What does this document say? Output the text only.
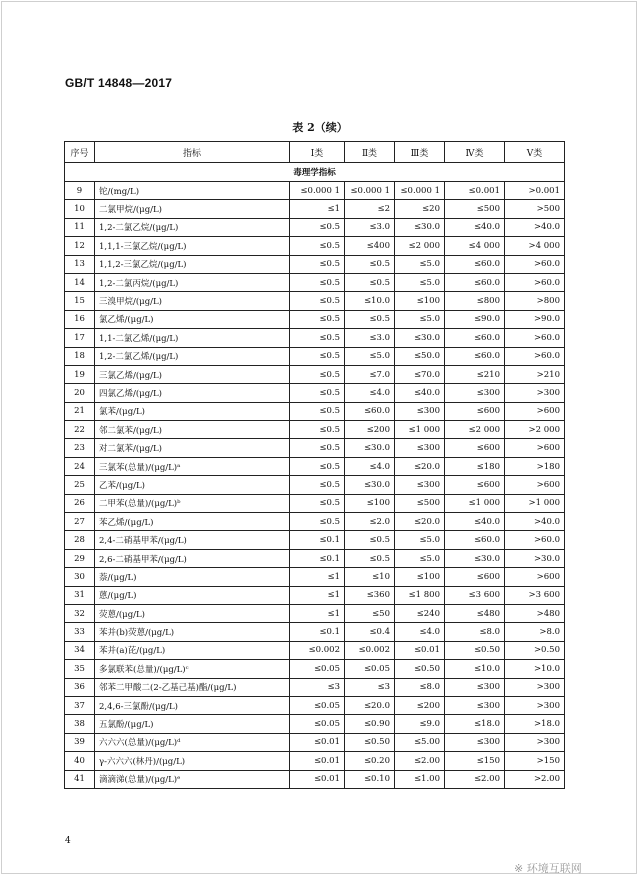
GB/T 14848—2017
表 2（续）
序号	指标	Ⅰ类	Ⅱ类	Ⅲ类	Ⅳ类	Ⅴ类
毒理学指标						
9	铊/(mg/L)	≤0.000 1	≤0.000 1	≤0.000 1	≤0.001	>0.001
10	二氯甲烷/(μg/L)	≤1	≤2	≤20	≤500	>500
11	1,2-二氯乙烷/(μg/L)	≤0.5	≤3.0	≤30.0	≤40.0	>40.0
12	1,1,1-三氯乙烷/(μg/L)	≤0.5	≤400	≤2 000	≤4 000	>4 000
13	1,1,2-三氯乙烷/(μg/L)	≤0.5	≤0.5	≤5.0	≤60.0	>60.0
14	1,2-二氯丙烷/(μg/L)	≤0.5	≤0.5	≤5.0	≤60.0	>60.0
15	三溴甲烷/(μg/L)	≤0.5	≤10.0	≤100	≤800	>800
16	氯乙烯/(μg/L)	≤0.5	≤0.5	≤5.0	≤90.0	>90.0
17	1,1-二氯乙烯/(μg/L)	≤0.5	≤3.0	≤30.0	≤60.0	>60.0
18	1,2-二氯乙烯/(μg/L)	≤0.5	≤5.0	≤50.0	≤60.0	>60.0
19	三氯乙烯/(μg/L)	≤0.5	≤7.0	≤70.0	≤210	>210
20	四氯乙烯/(μg/L)	≤0.5	≤4.0	≤40.0	≤300	>300
21	氯苯/(μg/L)	≤0.5	≤60.0	≤300	≤600	>600
22	邻二氯苯/(μg/L)	≤0.5	≤200	≤1 000	≤2 000	>2 000
23	对二氯苯/(μg/L)	≤0.5	≤30.0	≤300	≤600	>600
24	三氯苯(总量)/(μg/L)ᵃ	≤0.5	≤4.0	≤20.0	≤180	>180
25	乙苯/(μg/L)	≤0.5	≤30.0	≤300	≤600	>600
26	二甲苯(总量)/(μg/L)ᵇ	≤0.5	≤100	≤500	≤1 000	>1 000
27	苯乙烯/(μg/L)	≤0.5	≤2.0	≤20.0	≤40.0	>40.0
28	2,4-二硝基甲苯/(μg/L)	≤0.1	≤0.5	≤5.0	≤60.0	>60.0
29	2,6-二硝基甲苯/(μg/L)	≤0.1	≤0.5	≤5.0	≤30.0	>30.0
30	萘/(μg/L)	≤1	≤10	≤100	≤600	>600
31	蒽/(μg/L)	≤1	≤360	≤1 800	≤3 600	>3 600
32	荧蒽/(μg/L)	≤1	≤50	≤240	≤480	>480
33	苯并(b)荧蒽/(μg/L)	≤0.1	≤0.4	≤4.0	≤8.0	>8.0
34	苯并(a)芘/(μg/L)	≤0.002	≤0.002	≤0.01	≤0.50	>0.50
35	多氯联苯(总量)/(μg/L)ᶜ	≤0.05	≤0.05	≤0.50	≤10.0	>10.0
36	邻苯二甲酸二(2-乙基己基)酯/(μg/L)	≤3	≤3	≤8.0	≤300	>300
37	2,4,6-三氯酚/(μg/L)	≤0.05	≤20.0	≤200	≤300	>300
38	五氯酚/(μg/L)	≤0.05	≤0.90	≤9.0	≤18.0	>18.0
39	六六六(总量)/(μg/L)ᵈ	≤0.01	≤0.50	≤5.00	≤300	>300
40	γ-六六六(林丹)/(μg/L)	≤0.01	≤0.20	≤2.00	≤150	>150
41	滴滴涕(总量)/(μg/L)ᵉ	≤0.01	≤0.10	≤1.00	≤2.00	>2.00
4
※ 环境互联网
